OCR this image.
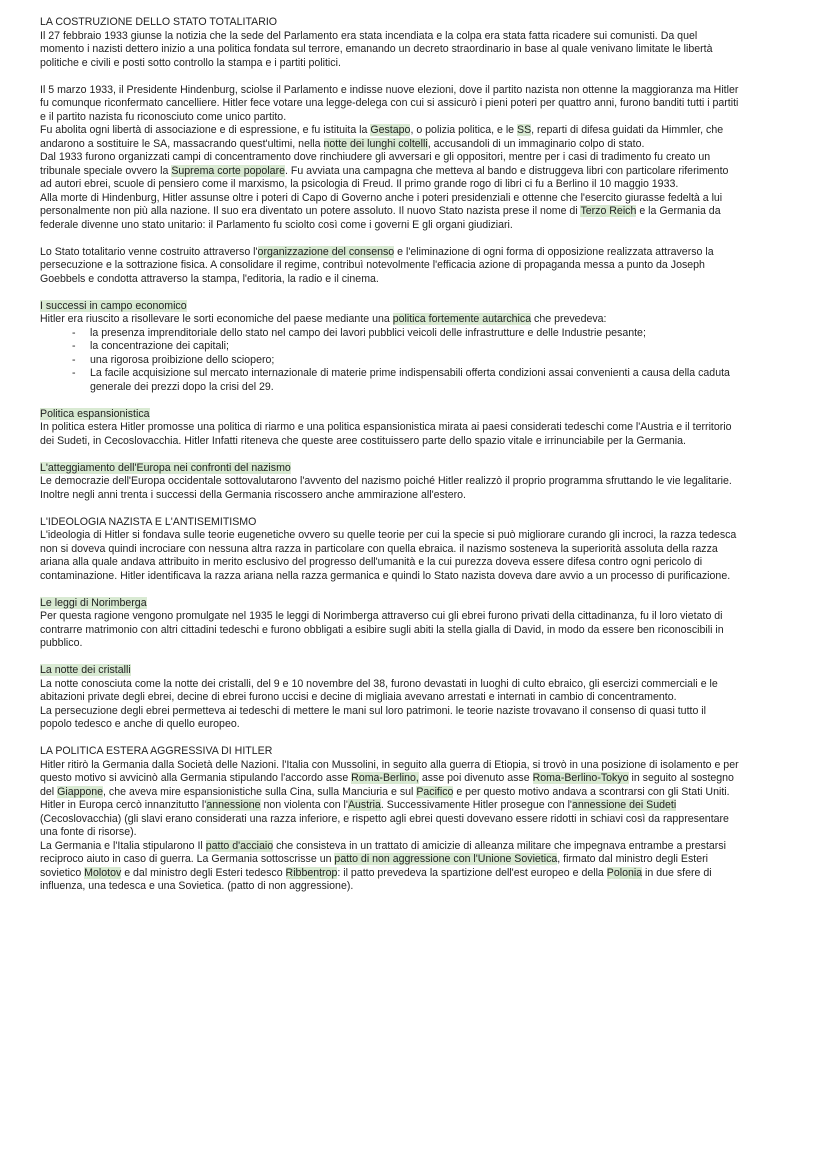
LA COSTRUZIONE DELLO STATO TOTALITARIO

Il 27 febbraio 1933 giunse la notizia che la sede del Parlamento era stata incendiata e la colpa era stata fatta ricadere sui comunisti. Da quel momento i nazisti dettero inizio a una politica fondata sul terrore, emanando un decreto straordinario in base al quale venivano limitate le libertà politiche e civili e posti sotto controllo la stampa e i partiti politici.

Il 5 marzo 1933, il Presidente Hindenburg, sciolse il Parlamento e indisse nuove elezioni, dove il partito nazista non ottenne la maggioranza ma Hitler fu comunque riconfermato cancelliere. Hitler fece votare una legge-delega con cui si assicurò i pieni poteri per quattro anni, furono banditi tutti i partiti e il partito nazista fu riconosciuto come unico partito.

Fu abolita ogni libertà di associazione e di espressione, e fu istituita la Gestapo, o polizia politica, e le SS, reparti di difesa guidati da Himmler, che andarono a sostituire le SA, massacrando quest'ultimi, nella notte dei lunghi coltelli, accusandoli di un immaginario colpo di stato.

Dal 1933 furono organizzati campi di concentramento dove rinchiudere gli avversari e gli oppositori, mentre per i casi di tradimento fu creato un tribunale speciale ovvero la Suprema corte popolare. Fu avviata una campagna che metteva al bando e distruggeva libri con particolare riferimento ad autori ebrei, scuole di pensiero come il marxismo, la psicologia di Freud. Il primo grande rogo di libri ci fu a Berlino il 10 maggio 1933.

Alla morte di Hindenburg, Hitler assunse oltre i poteri di Capo di Governo anche i poteri presidenziali e ottenne che l'esercito giurasse fedeltà a lui personalmente non più alla nazione. Il suo era diventato un potere assoluto. Il nuovo Stato nazista prese il nome di Terzo Reich e la Germania da federale divenne uno stato unitario: il Parlamento fu sciolto così come i governi E gli organi giudiziari.

Lo Stato totalitario venne costruito attraverso l'organizzazione del consenso e l'eliminazione di ogni forma di opposizione realizzata attraverso la persecuzione e la sottrazione fisica. A consolidare il regime, contribuì notevolmente l'efficacia azione di propaganda messa a punto da Joseph Goebbels e condotta attraverso la stampa, l'editoria, la radio e il cinema.

I successi in campo economico

Hitler era riuscito a risollevare le sorti economiche del paese mediante una politica fortemente autarchica che prevedeva:

- la presenza imprenditoriale dello stato nel campo dei lavori pubblici veicoli delle infrastrutture e delle Industrie pesante;
- la concentrazione dei capitali;
- una rigorosa proibizione dello sciopero;
- La facile acquisizione sul mercato internazionale di materie prime indispensabili offerta condizioni assai convenienti a causa della caduta generale dei prezzi dopo la crisi del 29.

Politica espansionistica

In politica estera Hitler promosse una politica di riarmo e una politica espansionistica mirata ai paesi considerati tedeschi come l'Austria e il territorio dei Sudeti, in Cecoslovacchia. Hitler Infatti riteneva che queste aree costituissero parte dello spazio vitale e irrinunciabile per la Germania.

L'atteggiamento dell'Europa nei confronti del nazismo

Le democrazie dell'Europa occidentale sottovalutarono l'avvento del nazismo poiché Hitler realizzò il proprio programma sfruttando le vie legalitarie. Inoltre negli anni trenta i successi della Germania riscossero anche ammirazione all'estero.

L'IDEOLOGIA NAZISTA E L'ANTISEMITISMO

L'ideologia di Hitler si fondava sulle teorie eugenetiche ovvero su quelle teorie per cui la specie si può migliorare curando gli incroci, la razza tedesca non si doveva quindi incrociare con nessuna altra razza in particolare con quella ebraica. il nazismo sosteneva la superiorità assoluta della razza ariana alla quale andava attribuito in merito esclusivo del progresso dell'umanità e la cui purezza doveva essere difesa contro ogni pericolo di contaminazione. Hitler identificava la razza ariana nella razza germanica e quindi lo Stato nazista doveva dare avvio a un processo di purificazione.

Le leggi di Norimberga

Per questa ragione vengono promulgate nel 1935 le leggi di Norimberga attraverso cui gli ebrei furono privati della cittadinanza, fu il loro vietato di contrarre matrimonio con altri cittadini tedeschi e furono obbligati a esibire sugli abiti la stella gialla di David, in modo da essere ben riconoscibili in pubblico.

La notte dei cristalli

La notte conosciuta come la notte dei cristalli, del 9 e 10 novembre del 38, furono devastati in luoghi di culto ebraico, gli esercizi commerciali e le abitazioni private degli ebrei, decine di ebrei furono uccisi e decine di migliaia avevano arrestati e internati in cambio di concentramento.

La persecuzione degli ebrei permetteva ai tedeschi di mettere le mani sul loro patrimoni. le teorie naziste trovavano il consenso di quasi tutto il popolo tedesco e anche di quello europeo.

LA POLITICA ESTERA AGGRESSIVA DI HITLER

Hitler ritirò la Germania dalla Società delle Nazioni. l'Italia con Mussolini, in seguito alla guerra di Etiopia, si trovò in una posizione di isolamento e per questo motivo si avvicinò alla Germania stipulando l'accordo asse Roma-Berlino, asse poi divenuto asse Roma-Berlino-Tokyo in seguito al sostegno del Giappone, che aveva mire espansionistiche sulla Cina, sulla Manciuria e sul Pacifico e per questo motivo andava a scontrarsi con gli Stati Uniti.

Hitler in Europa cercò innanzitutto l'annessione non violenta con l'Austria. Successivamente Hitler prosegue con l'annessione dei Sudeti (Cecoslovacchia) (gli slavi erano considerati una razza inferiore, e rispetto agli ebrei questi dovevano essere ridotti in schiavi così da rappresentare una fonte di risorse).

La Germania e l'Italia stipularono Il patto d'acciaio che consisteva in un trattato di amicizie di alleanza militare che impegnava entrambe a prestarsi reciproco aiuto in caso di guerra. La Germania sottoscrisse un patto di non aggressione con l'Unione Sovietica, firmato dal ministro degli Esteri sovietico Molotov e dal ministro degli Esteri tedesco Ribbentrop: il patto prevedeva la spartizione dell'est europeo e della Polonia in due sfere di influenza, una tedesca e una Sovietica. (patto di non aggressione).
